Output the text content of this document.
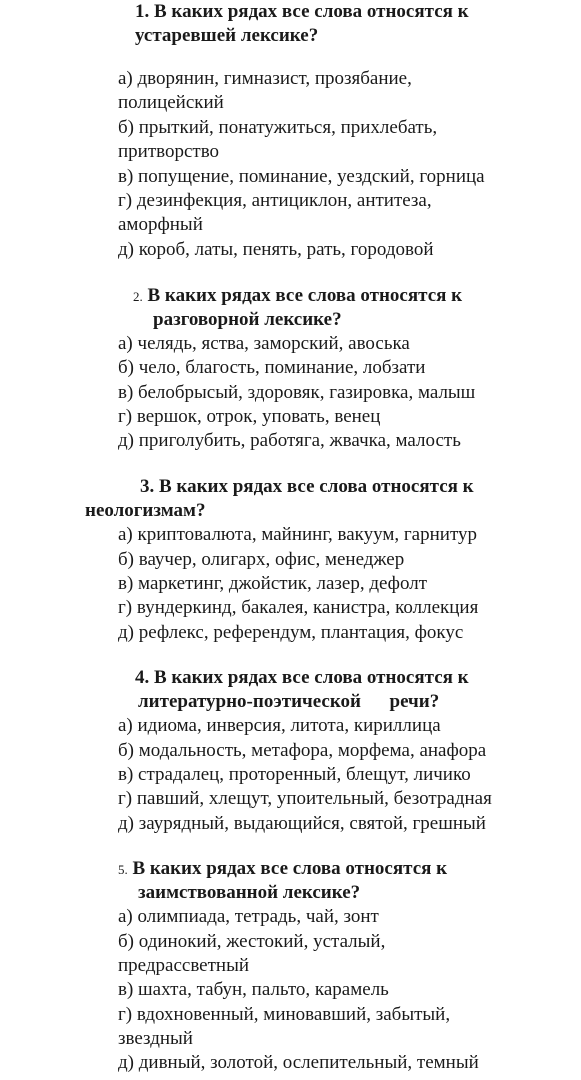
1. В каких рядах все слова относятся к
устаревшей лексике?
а) дворянин, гимназист, прозябание,
полицейский
б) прыткий, понатужиться, прихлебать,
притворство
в) попущение, поминание, уездский, горница
г) дезинфекция, антициклон, антитеза,
аморфный
д) короб, латы, пенять, рать, городовой
2. В каких рядах все слова относятся к
разговорной лексике?
а) челядь, яства, заморский, авоська
б) чело, благость, поминание, лобзати
в) белобрысый, здоровяк, газировка, малыш
г) вершок, отрок, уповать, венец
д) приголубить, работяга, жвачка, малость
3. В каких рядах все слова относятся к
неологизмам?
а) криптовалюта, майнинг, вакуум, гарнитур
б) ваучер, олигарх, офис, менеджер
в) маркетинг, джойстик, лазер, дефолт
г) вундеркинд, бакалея, канистра, коллекция
д) рефлекс, референдум, плантация, фокус
4. В каких рядах все слова относятся к
литературно-поэтической      речи?
а) идиома, инверсия, литота, кириллица
б) модальность, метафора, морфема, анафора
в) страдалец, проторенный, блещут, личико
г) павший, хлещут, упоительный, безотрадная
д) заурядный, выдающийся, святой, грешный
5. В каких рядах все слова относятся к
заимствованной лексике?
а) олимпиада, тетрадь, чай, зонт
б) одинокий, жестокий, усталый,
предрассветный
в) шахта, табун, пальто, карамель
г) вдохновенный, миновавший, забытый,
звездный
д) дивный, золотой, ослепительный, темный
